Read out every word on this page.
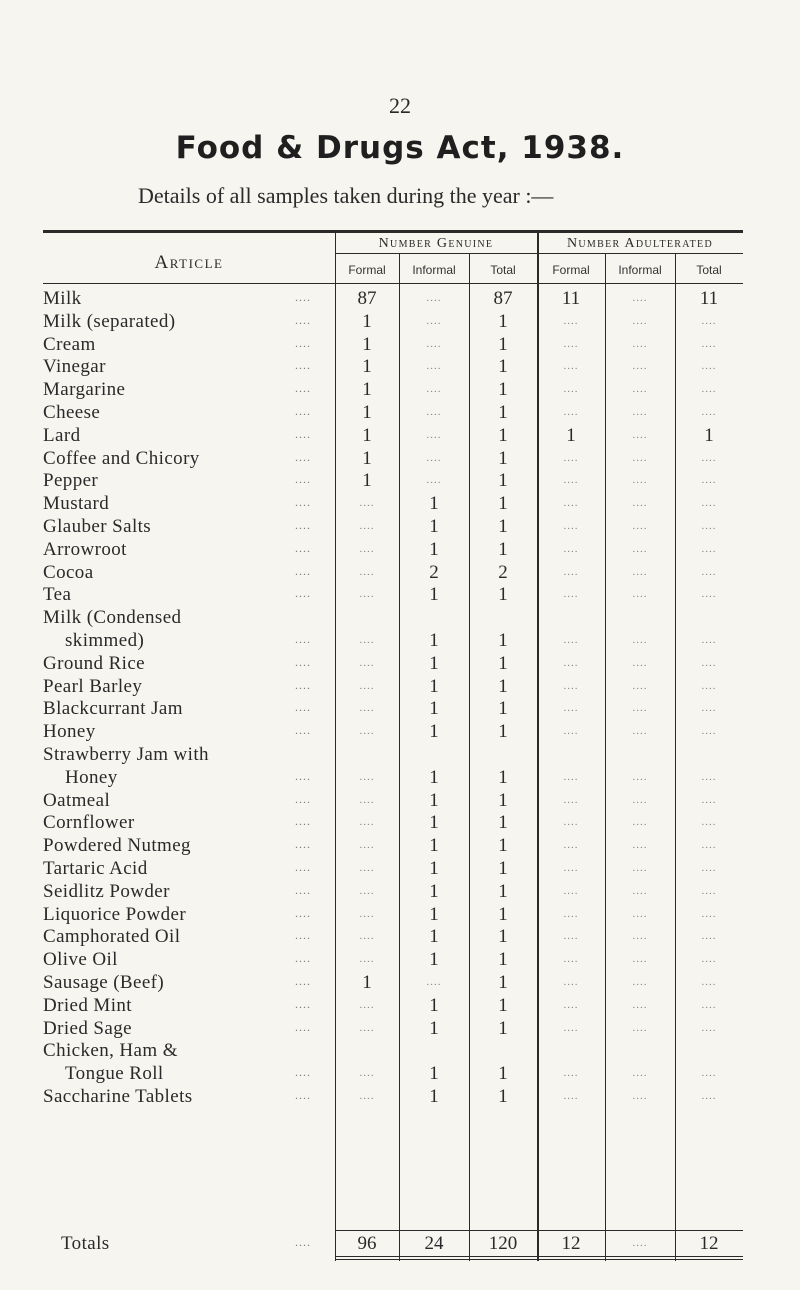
22
Food & Drugs Act, 1938.
Details of all samples taken during the year :—
Article
Number Genuine	Number Adulterated
Formal	Informal	Total	Formal	Informal	Total
Milk	....	87	....	87	11	....	11
Milk (separated)	....	1	....	1	....	....	....
Cream	....	1	....	1	....	....	....
Vinegar	....	1	....	1	....	....	....
Margarine	....	1	....	1	....	....	....
Cheese	....	1	....	1	....	....	....
Lard	....	1	....	1	1	....	1
Coffee and Chicory	....	1	....	1	....	....	....
Pepper	....	1	....	1	....	....	....
Mustard	....	....	1	1	....	....	....
Glauber Salts	....	....	1	1	....	....	....
Arrowroot	....	....	1	1	....	....	....
Cocoa	....	....	2	2	....	....	....
Tea	....	....	1	1	....	....	....
Milk (Condensed
skimmed)	....	....	1	1	....	....	....
Ground Rice	....	....	1	1	....	....	....
Pearl Barley	....	....	1	1	....	....	....
Blackcurrant Jam	....	....	1	1	....	....	....
Honey	....	....	1	1	....	....	....
Strawberry Jam with
Honey	....	....	1	1	....	....	....
Oatmeal	....	....	1	1	....	....	....
Cornflower	....	....	1	1	....	....	....
Powdered Nutmeg	....	....	1	1	....	....	....
Tartaric Acid	....	....	1	1	....	....	....
Seidlitz Powder	....	....	1	1	....	....	....
Liquorice Powder	....	....	1	1	....	....	....
Camphorated Oil	....	....	1	1	....	....	....
Olive Oil	....	....	1	1	....	....	....
Sausage (Beef)	....	1	....	1	....	....	....
Dried Mint	....	....	1	1	....	....	....
Dried Sage	....	....	1	1	....	....	....
Chicken, Ham &
Tongue Roll	....	....	1	1	....	....	....
Saccharine Tablets	....	....	1	1	....	....	....
Totals	....	96	24	120	12	....	12
